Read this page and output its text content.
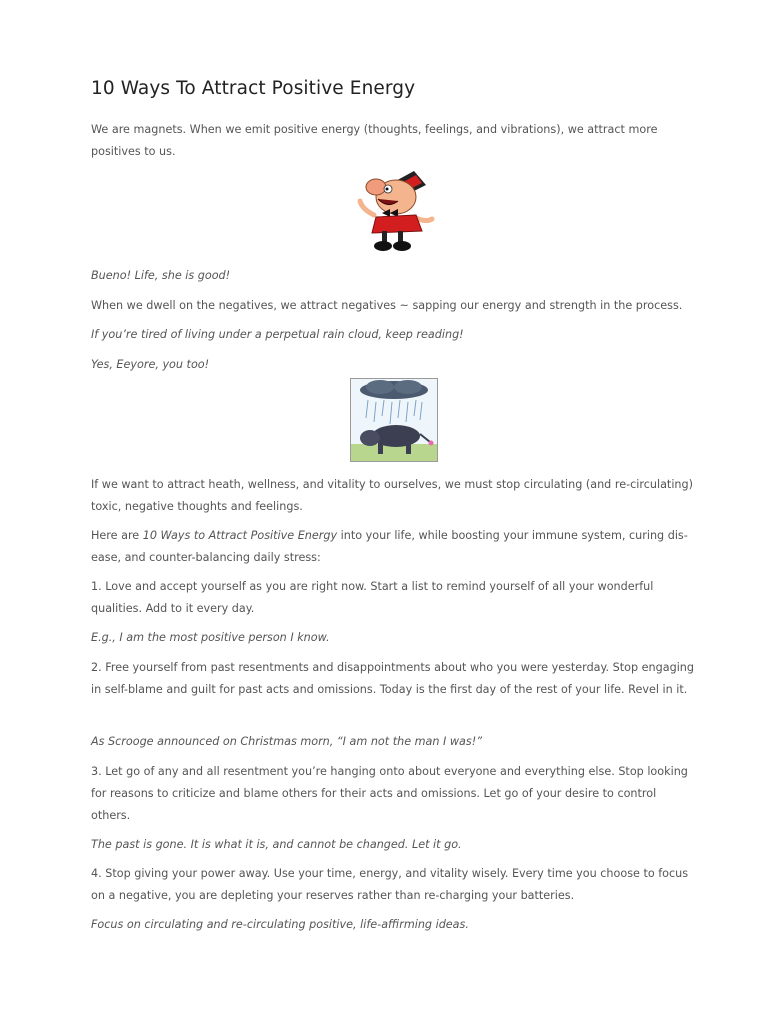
10 Ways To Attract Positive Energy

We are magnets. When we emit positive energy (thoughts, feelings, and vibrations), we attract more positives to us.

Bueno! Life, she is good!

When we dwell on the negatives, we attract negatives ~ sapping our energy and strength in the process.

If you’re tired of living under a perpetual rain cloud, keep reading!

Yes, Eeyore, you too!

If we want to attract heath, wellness, and vitality to ourselves, we must stop circulating (and re-circulating) toxic, negative thoughts and feelings.

Here are 10 Ways to Attract Positive Energy into your life, while boosting your immune system, curing dis-ease, and counter-balancing daily stress:

1. Love and accept yourself as you are right now. Start a list to remind yourself of all your wonderful qualities. Add to it every day.

E.g., I am the most positive person I know.

2. Free yourself from past resentments and disappointments about who you were yesterday. Stop engaging in self-blame and guilt for past acts and omissions. Today is the first day of the rest of your life. Revel in it.

As Scrooge announced on Christmas morn, “I am not the man I was!”

3. Let go of any and all resentment you’re hanging onto about everyone and everything else. Stop looking for reasons to criticize and blame others for their acts and omissions. Let go of your desire to control others.

The past is gone. It is what it is, and cannot be changed. Let it go.

4. Stop giving your power away. Use your time, energy, and vitality wisely. Every time you choose to focus on a negative, you are depleting your reserves rather than re-charging your batteries.

Focus on circulating and re-circulating positive, life-affirming ideas.
